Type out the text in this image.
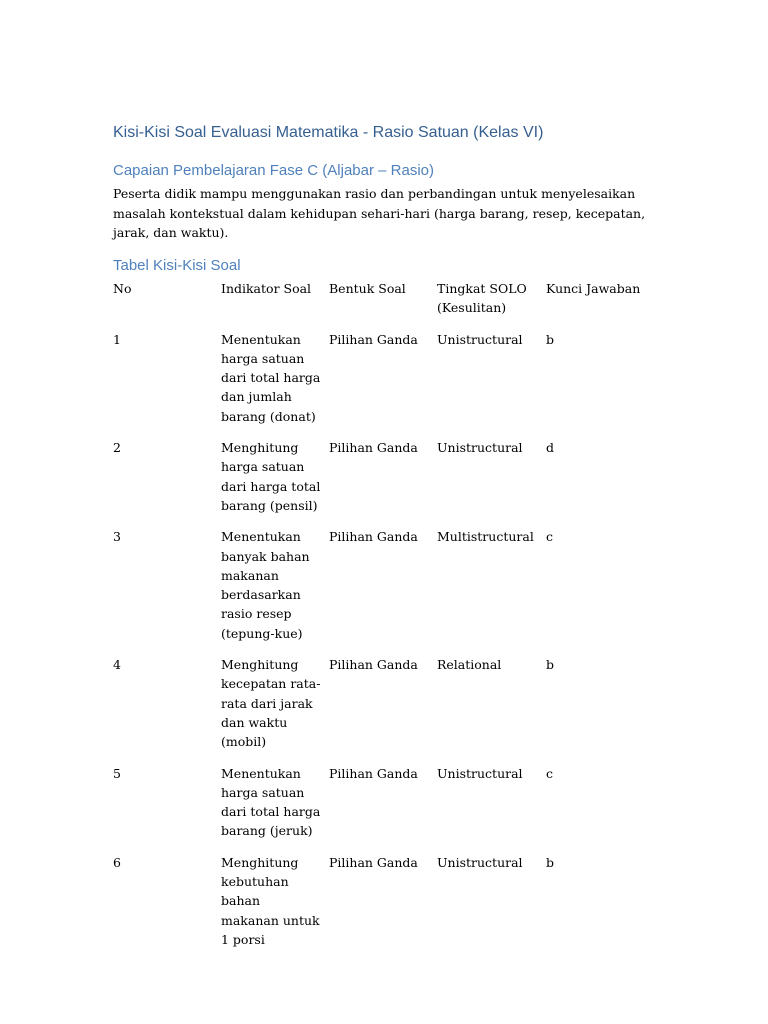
Kisi-Kisi Soal Evaluasi Matematika - Rasio Satuan (Kelas VI)
Capaian Pembelajaran Fase C (Aljabar – Rasio)

Peserta didik mampu menggunakan rasio dan perbandingan untuk menyelesaikan masalah kontekstual dalam kehidupan sehari-hari (harga barang, resep, kecepatan, jarak, dan waktu).

Tabel Kisi-Kisi Soal
No	Indikator Soal	Bentuk Soal	Tingkat SOLO (Kesulitan)	Kunci Jawaban
1	Menentukan harga satuan dari total harga dan jumlah barang (donat)	Pilihan Ganda	Unistructural	b
2	Menghitung harga satuan dari harga total barang (pensil)	Pilihan Ganda	Unistructural	d
3	Menentukan banyak bahan makanan berdasarkan rasio resep (tepung-kue)	Pilihan Ganda	Multistructural	c
4	Menghitung kecepatan rata-rata dari jarak dan waktu (mobil)	Pilihan Ganda	Relational	b
5	Menentukan harga satuan dari total harga barang (jeruk)	Pilihan Ganda	Unistructural	c
6	Menghitung kebutuhan bahan makanan untuk 1 porsi	Pilihan Ganda	Unistructural	b
